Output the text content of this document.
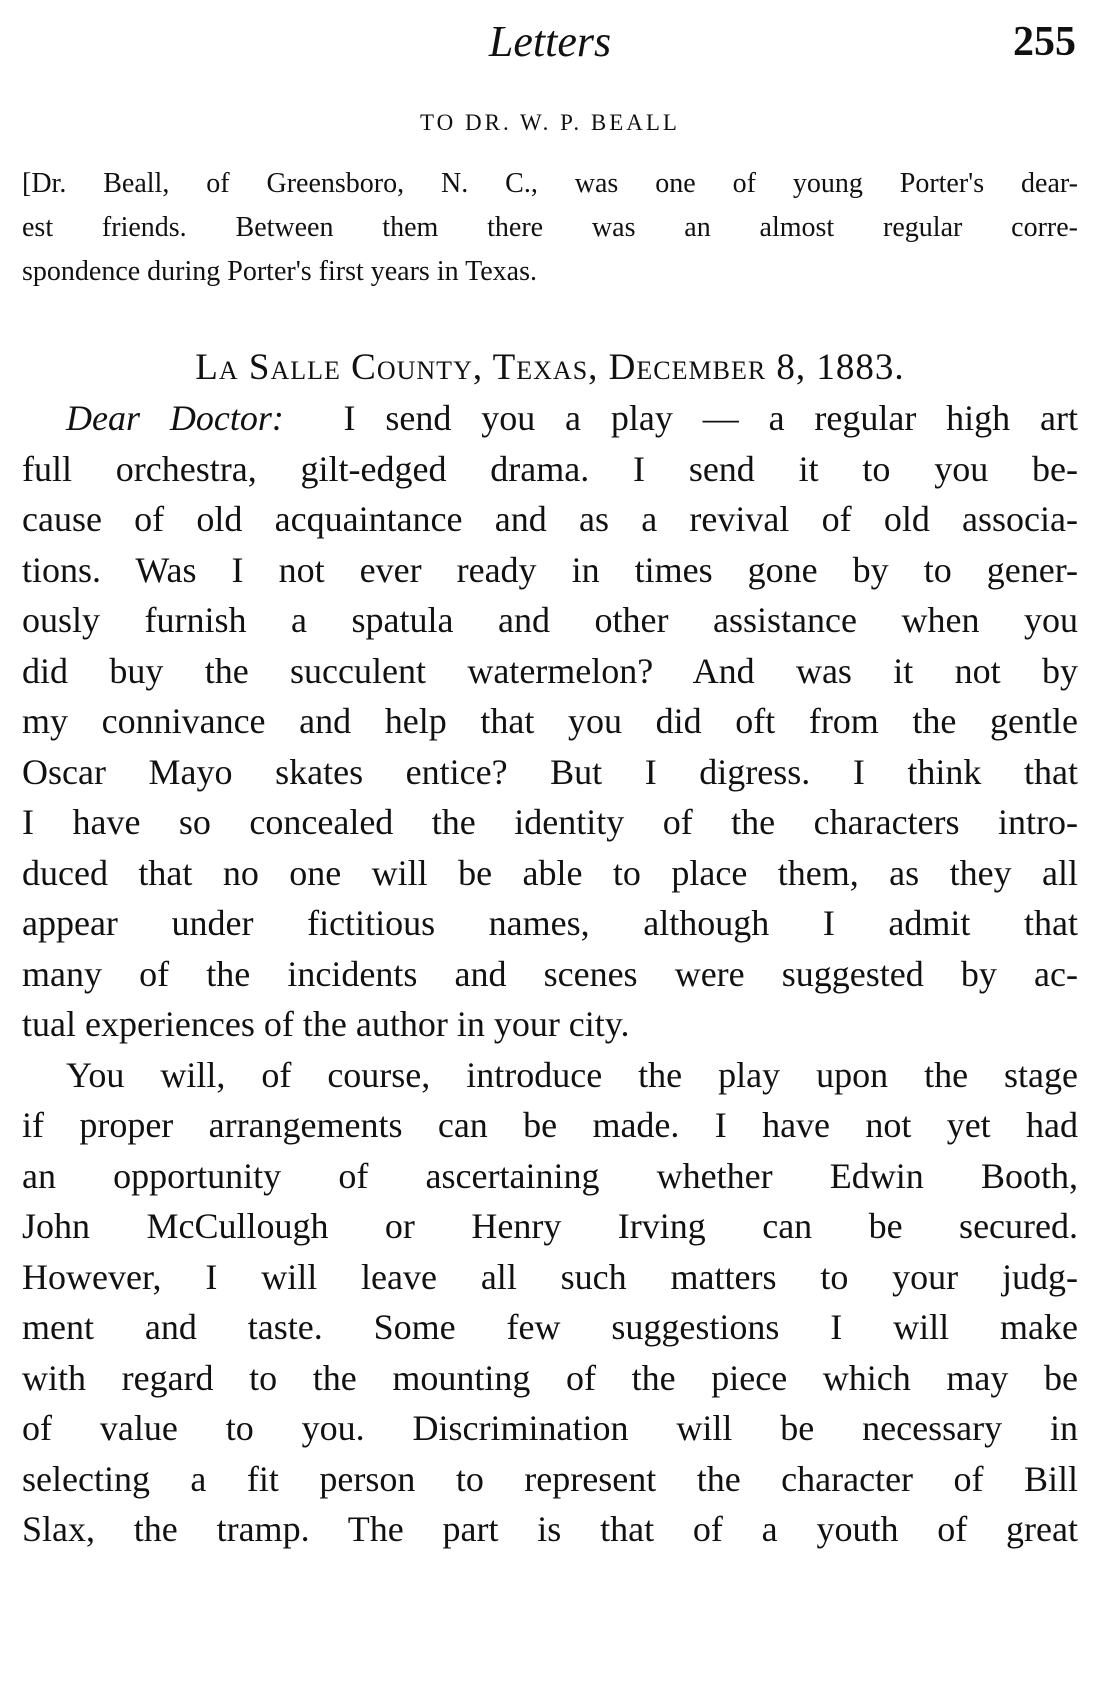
Letters	255
TO DR. W. P. BEALL
[Dr. Beall, of Greensboro, N. C., was one of young Porter's dear-
est friends. Between them there was an almost regular corre-
spondence during Porter's first years in Texas.
La Salle County, Texas, December 8, 1883.
Dear Doctor: I send you a play — a regular high art
full orchestra, gilt-edged drama. I send it to you be-
cause of old acquaintance and as a revival of old associa-
tions. Was I not ever ready in times gone by to gener-
ously furnish a spatula and other assistance when you
did buy the succulent watermelon? And was it not by
my connivance and help that you did oft from the gentle
Oscar Mayo skates entice? But I digress. I think that
I have so concealed the identity of the characters intro-
duced that no one will be able to place them, as they all
appear under fictitious names, although I admit that
many of the incidents and scenes were suggested by ac-
tual experiences of the author in your city.
You will, of course, introduce the play upon the stage
if proper arrangements can be made. I have not yet had
an opportunity of ascertaining whether Edwin Booth,
John McCullough or Henry Irving can be secured.
However, I will leave all such matters to your judg-
ment and taste. Some few suggestions I will make
with regard to the mounting of the piece which may be
of value to you. Discrimination will be necessary in
selecting a fit person to represent the character of Bill
Slax, the tramp. The part is that of a youth of great
